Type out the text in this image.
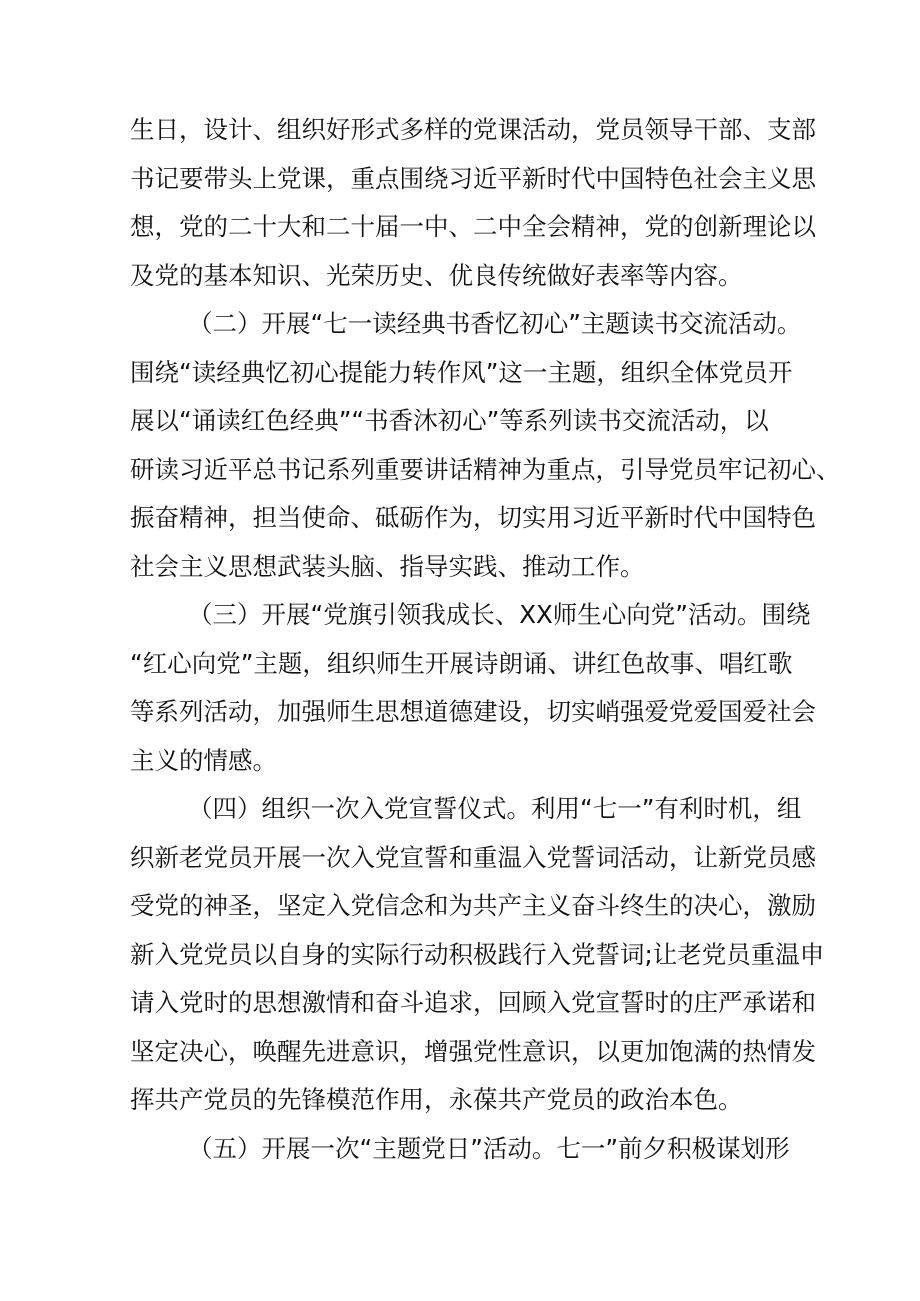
生日，设计、组织好形式多样的党课活动，党员领导干部、支部
书记要带头上党课，重点围绕习近平新时代中国特色社会主义思
想，党的二十大和二十届一中、二中全会精神，党的创新理论以
及党的基本知识、光荣历史、优良传统做好表率等内容。
（二）开展“七一读经典书香忆初心”主题读书交流活动。
围绕“读经典忆初心提能力转作风”这一主题，组织全体党员开
展以“诵读红色经典”“书香沐初心”等系列读书交流活动，以
研读习近平总书记系列重要讲话精神为重点，引导党员牢记初心、
振奋精神，担当使命、砥砺作为，切实用习近平新时代中国特色
社会主义思想武装头脑、指导实践、推动工作。
（三）开展“党旗引领我成长、XX师生心向党”活动。围绕
“红心向党”主题，组织师生开展诗朗诵、讲红色故事、唱红歌
等系列活动，加强师生思想道德建设，切实峭强爱党爱国爱社会
主义的情感。
（四）组织一次入党宣誓仪式。利用“七一”有利时机，组
织新老党员开展一次入党宣誓和重温入党誓词活动，让新党员感
受党的神圣，坚定入党信念和为共产主义奋斗终生的决心，激励
新入党党员以自身的实际行动积极践行入党誓词;让老党员重温申
请入党时的思想激情和奋斗追求，回顾入党宣誓时的庄严承诺和
坚定决心，唤醒先进意识，增强党性意识，以更加饱满的热情发
挥共产党员的先锋模范作用，永葆共产党员的政治本色。
（五）开展一次“主题党日”活动。七一”前夕积极谋划形
